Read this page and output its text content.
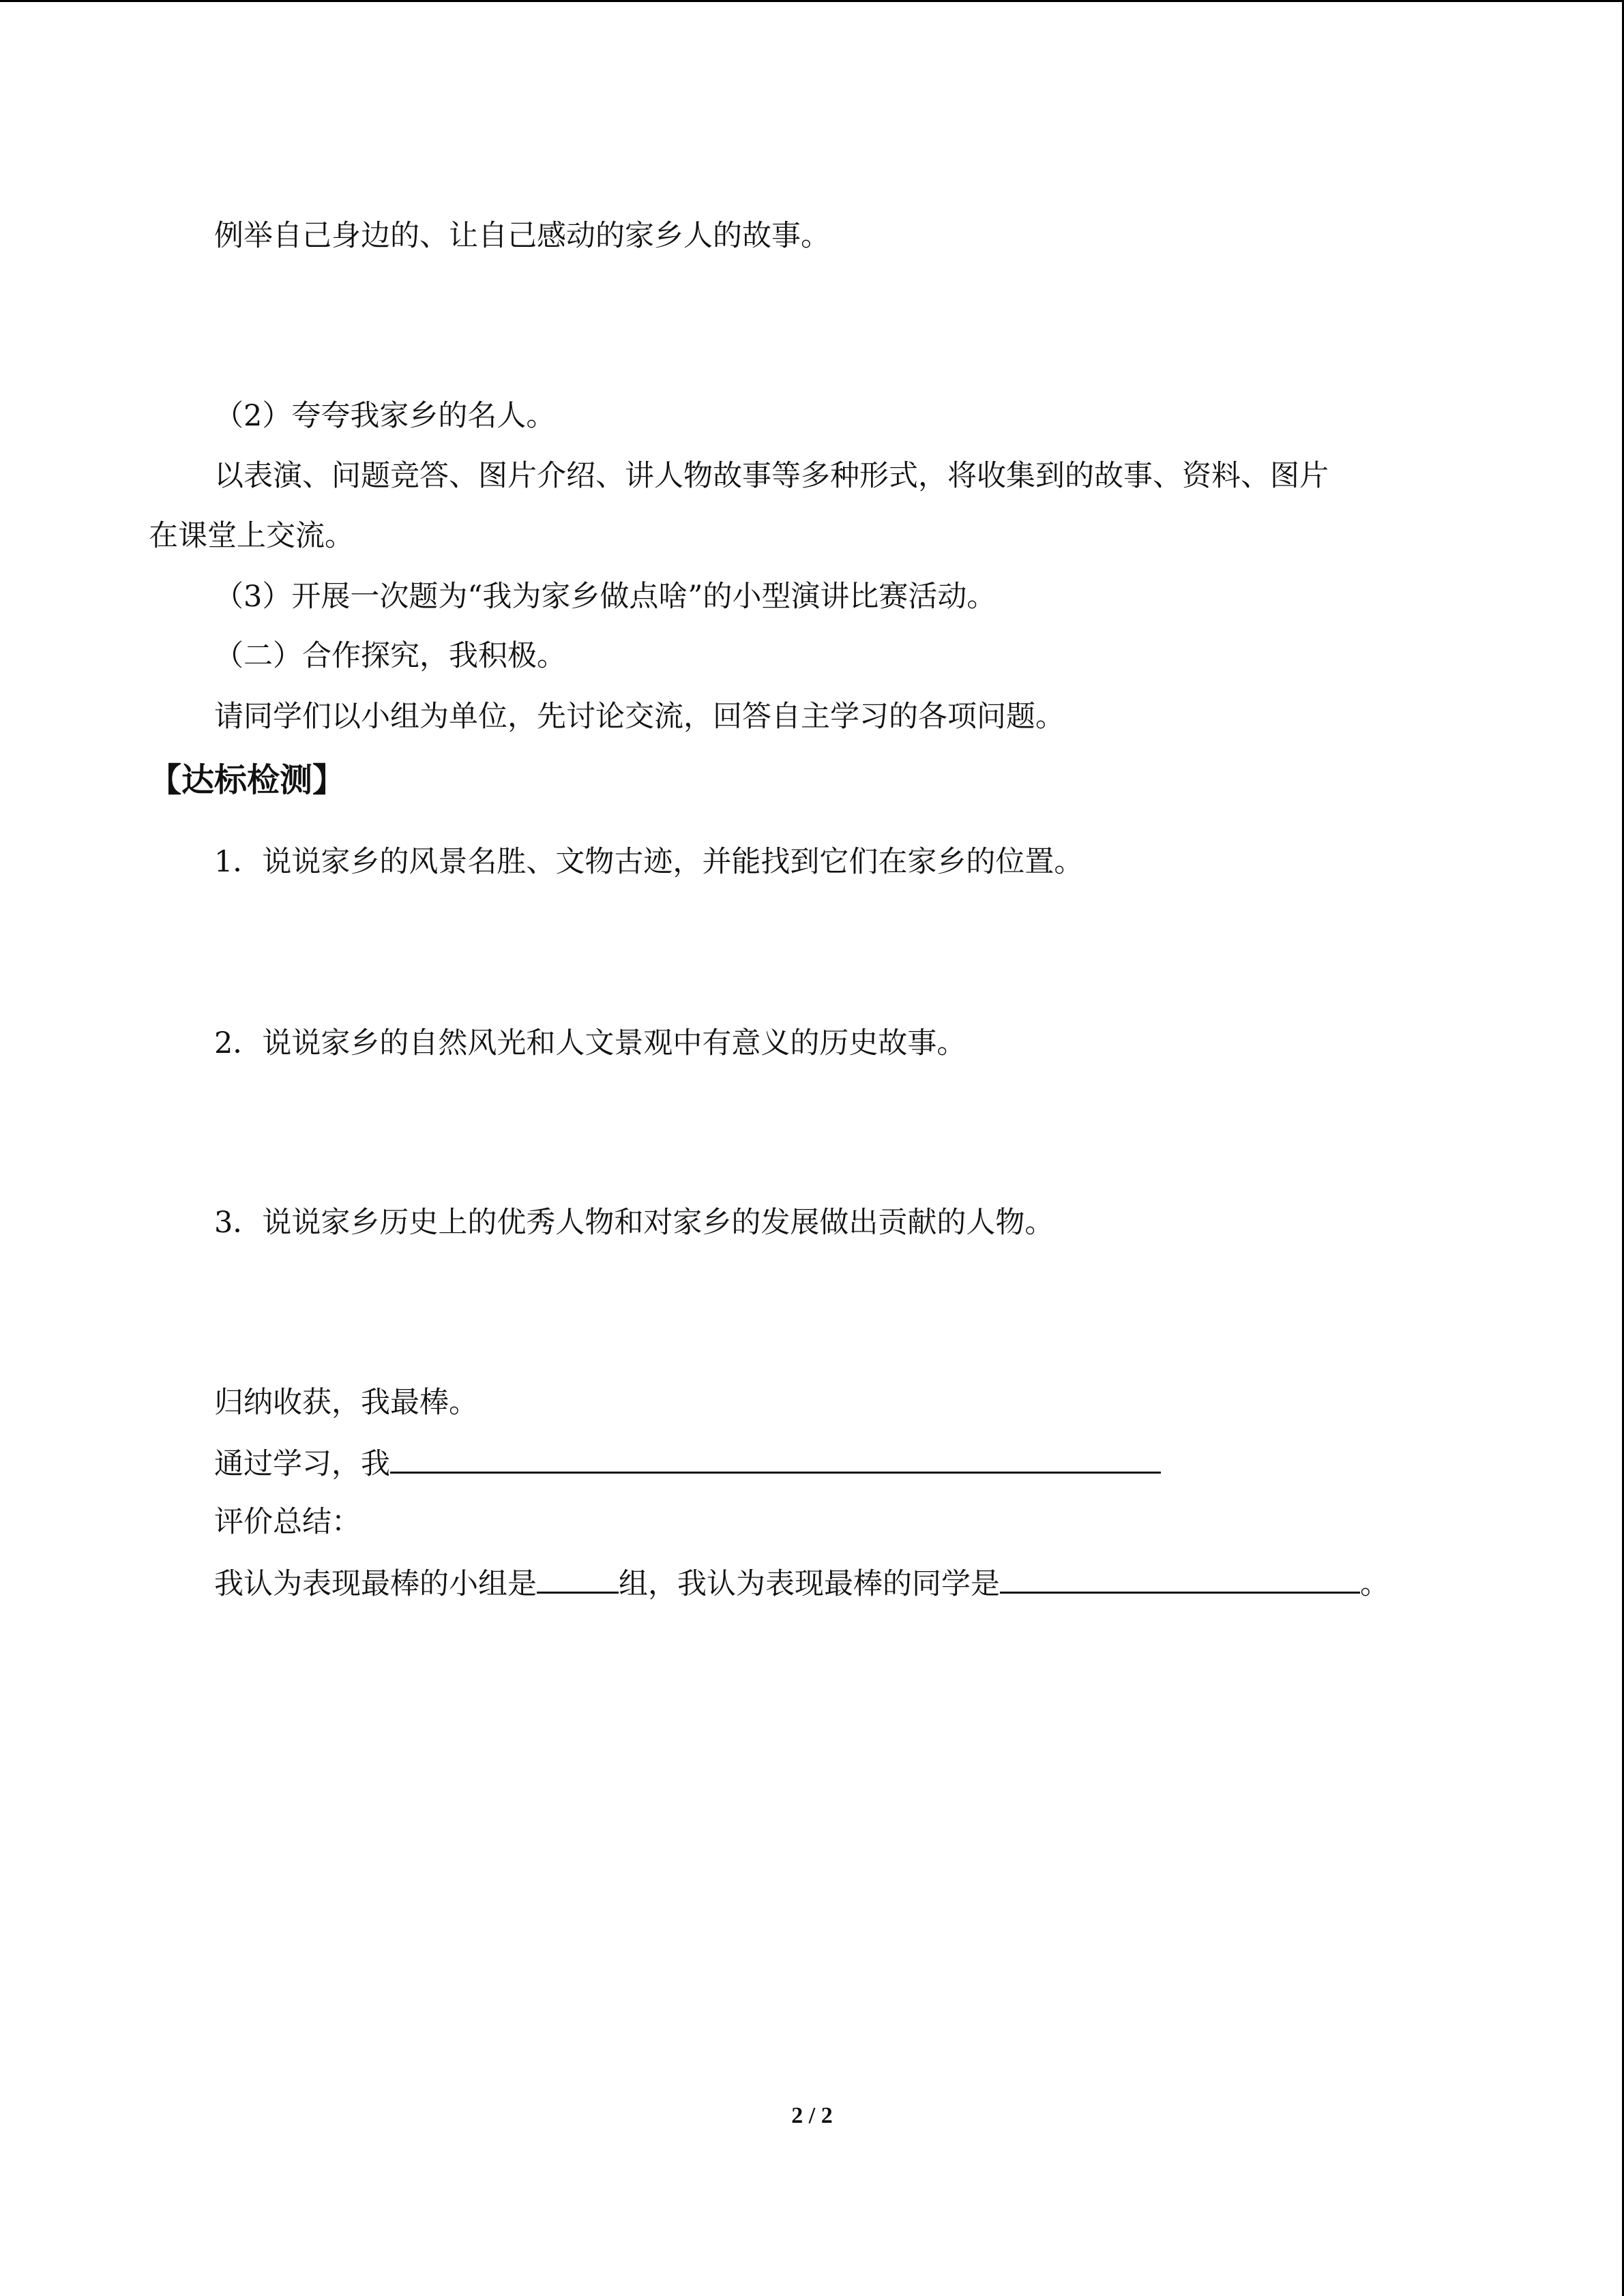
例举自己身边的、让自己感动的家乡人的故事。
（2）夸夸我家乡的名人。
以表演、问题竞答、图片介绍、讲人物故事等多种形式，将收集到的故事、资料、图片
在课堂上交流。
（3）开展一次题为“我为家乡做点啥”的小型演讲比赛活动。
（二）合作探究，我积极。
请同学们以小组为单位，先讨论交流，回答自主学习的各项问题。
【达标检测】
1．说说家乡的风景名胜、文物古迹，并能找到它们在家乡的位置。
2．说说家乡的自然风光和人文景观中有意义的历史故事。
3．说说家乡历史上的优秀人物和对家乡的发展做出贡献的人物。
归纳收获，我最棒。
通过学习，我
评价总结：
我认为表现最棒的小组是	组，我认为表现最棒的同学是	。
2 / 2
